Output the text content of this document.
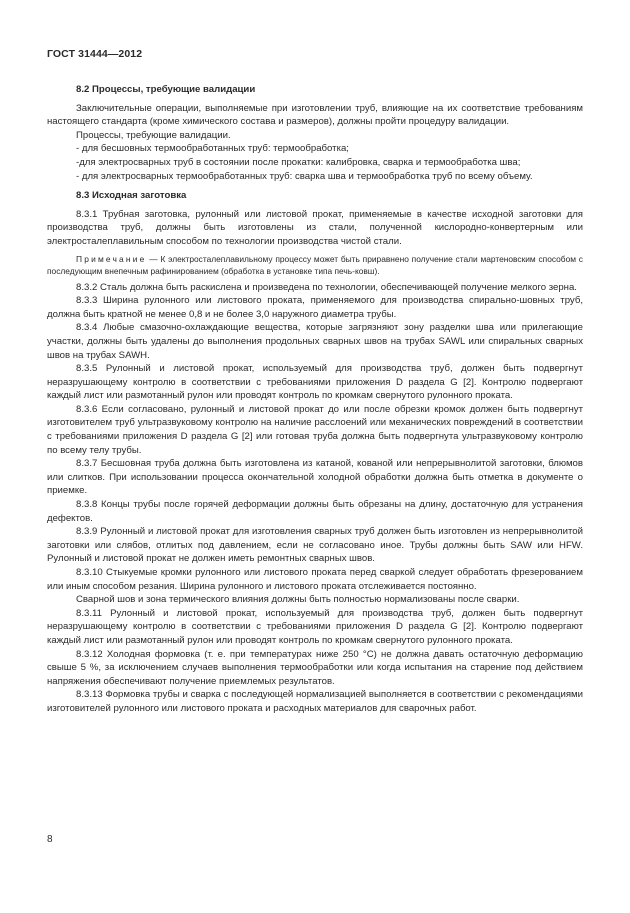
ГОСТ 31444—2012

8.2 Процессы, требующие валидации

Заключительные операции, выполняемые при изготовлении труб, влияющие на их соответствие требованиям настоящего стандарта (кроме химического состава и размеров), должны пройти процедуру валидации.

Процессы, требующие валидации.

- для бесшовных термообработанных труб: термообработка;

-для электросварных труб в состоянии после прокатки: калибровка, сварка и термообработка шва;

- для электросварных термообработанных труб: сварка шва и термообработка труб по всему объему.

8.3 Исходная заготовка

8.3.1 Трубная заготовка, рулонный или листовой прокат, применяемые в качестве исходной заготовки для производства труб, должны быть изготовлены из стали, полученной кислородно-конвертерным или электросталеплавильным способом по технологии производства чистой стали.

Примечание — К электросталеплавильному процессу может быть приравнено получение стали мартеновским способом с последующим внепечным рафинированием (обработка в установке типа печь-ковш).

8.3.2 Сталь должна быть раскислена и произведена по технологии, обеспечивающей получение мелкого зерна.

8.3.3 Ширина рулонного или листового проката, применяемого для производства спирально-шовных труб, должна быть кратной не менее 0,8 и не более 3,0 наружного диаметра трубы.

8.3.4 Любые смазочно-охлаждающие вещества, которые загрязняют зону разделки шва или прилегающие участки, должны быть удалены до выполнения продольных сварных швов на трубах SAWL или спиральных сварных швов на трубах SAWH.

8.3.5 Рулонный и листовой прокат, используемый для производства труб, должен быть подвергнут неразрушающему контролю в соответствии с требованиями приложения D раздела G [2]. Контролю подвергают каждый лист или размотанный рулон или проводят контроль по кромкам свернутого рулонного проката.

8.3.6 Если согласовано, рулонный и листовой прокат до или после обрезки кромок должен быть подвергнут изготовителем труб ультразвуковому контролю на наличие расслоений или механических повреждений в соответствии с требованиями приложения D раздела G [2] или готовая труба должна быть подвергнута ультразвуковому контролю по всему телу трубы.

8.3.7 Бесшовная труба должна быть изготовлена из катаной, кованой или непрерывнолитой заготовки, блюмов или слитков. При использовании процесса окончательной холодной обработки должна быть отметка в документе о приемке.

8.3.8 Концы трубы после горячей деформации должны быть обрезаны на длину, достаточную для устранения дефектов.

8.3.9 Рулонный и листовой прокат для изготовления сварных труб должен быть изготовлен из непрерывнолитой заготовки или слябов, отлитых под давлением, если не согласовано иное. Трубы должны быть SAW или HFW. Рулонный и листовой прокат не должен иметь ремонтных сварных швов.

8.3.10 Стыкуемые кромки рулонного или листового проката перед сваркой следует обработать фрезерованием или иным способом резания. Ширина рулонного и листового проката отслеживается постоянно.

Сварной шов и зона термического влияния должны быть полностью нормализованы после сварки.

8.3.11 Рулонный и листовой прокат, используемый для производства труб, должен быть подвергнут неразрушающему контролю в соответствии с требованиями приложения D раздела G [2]. Контролю подвергают каждый лист или размотанный рулон или проводят контроль по кромкам свернутого рулонного проката.

8.3.12 Холодная формовка (т. е. при температурах ниже 250 °С) не должна давать остаточную деформацию свыше 5 %, за исключением случаев выполнения термообработки или когда испытания на старение под действием напряжения обеспечивают получение приемлемых результатов.

8.3.13 Формовка трубы и сварка с последующей нормализацией выполняется в соответствии с рекомендациями изготовителей рулонного или листового проката и расходных материалов для сварочных работ.

8
